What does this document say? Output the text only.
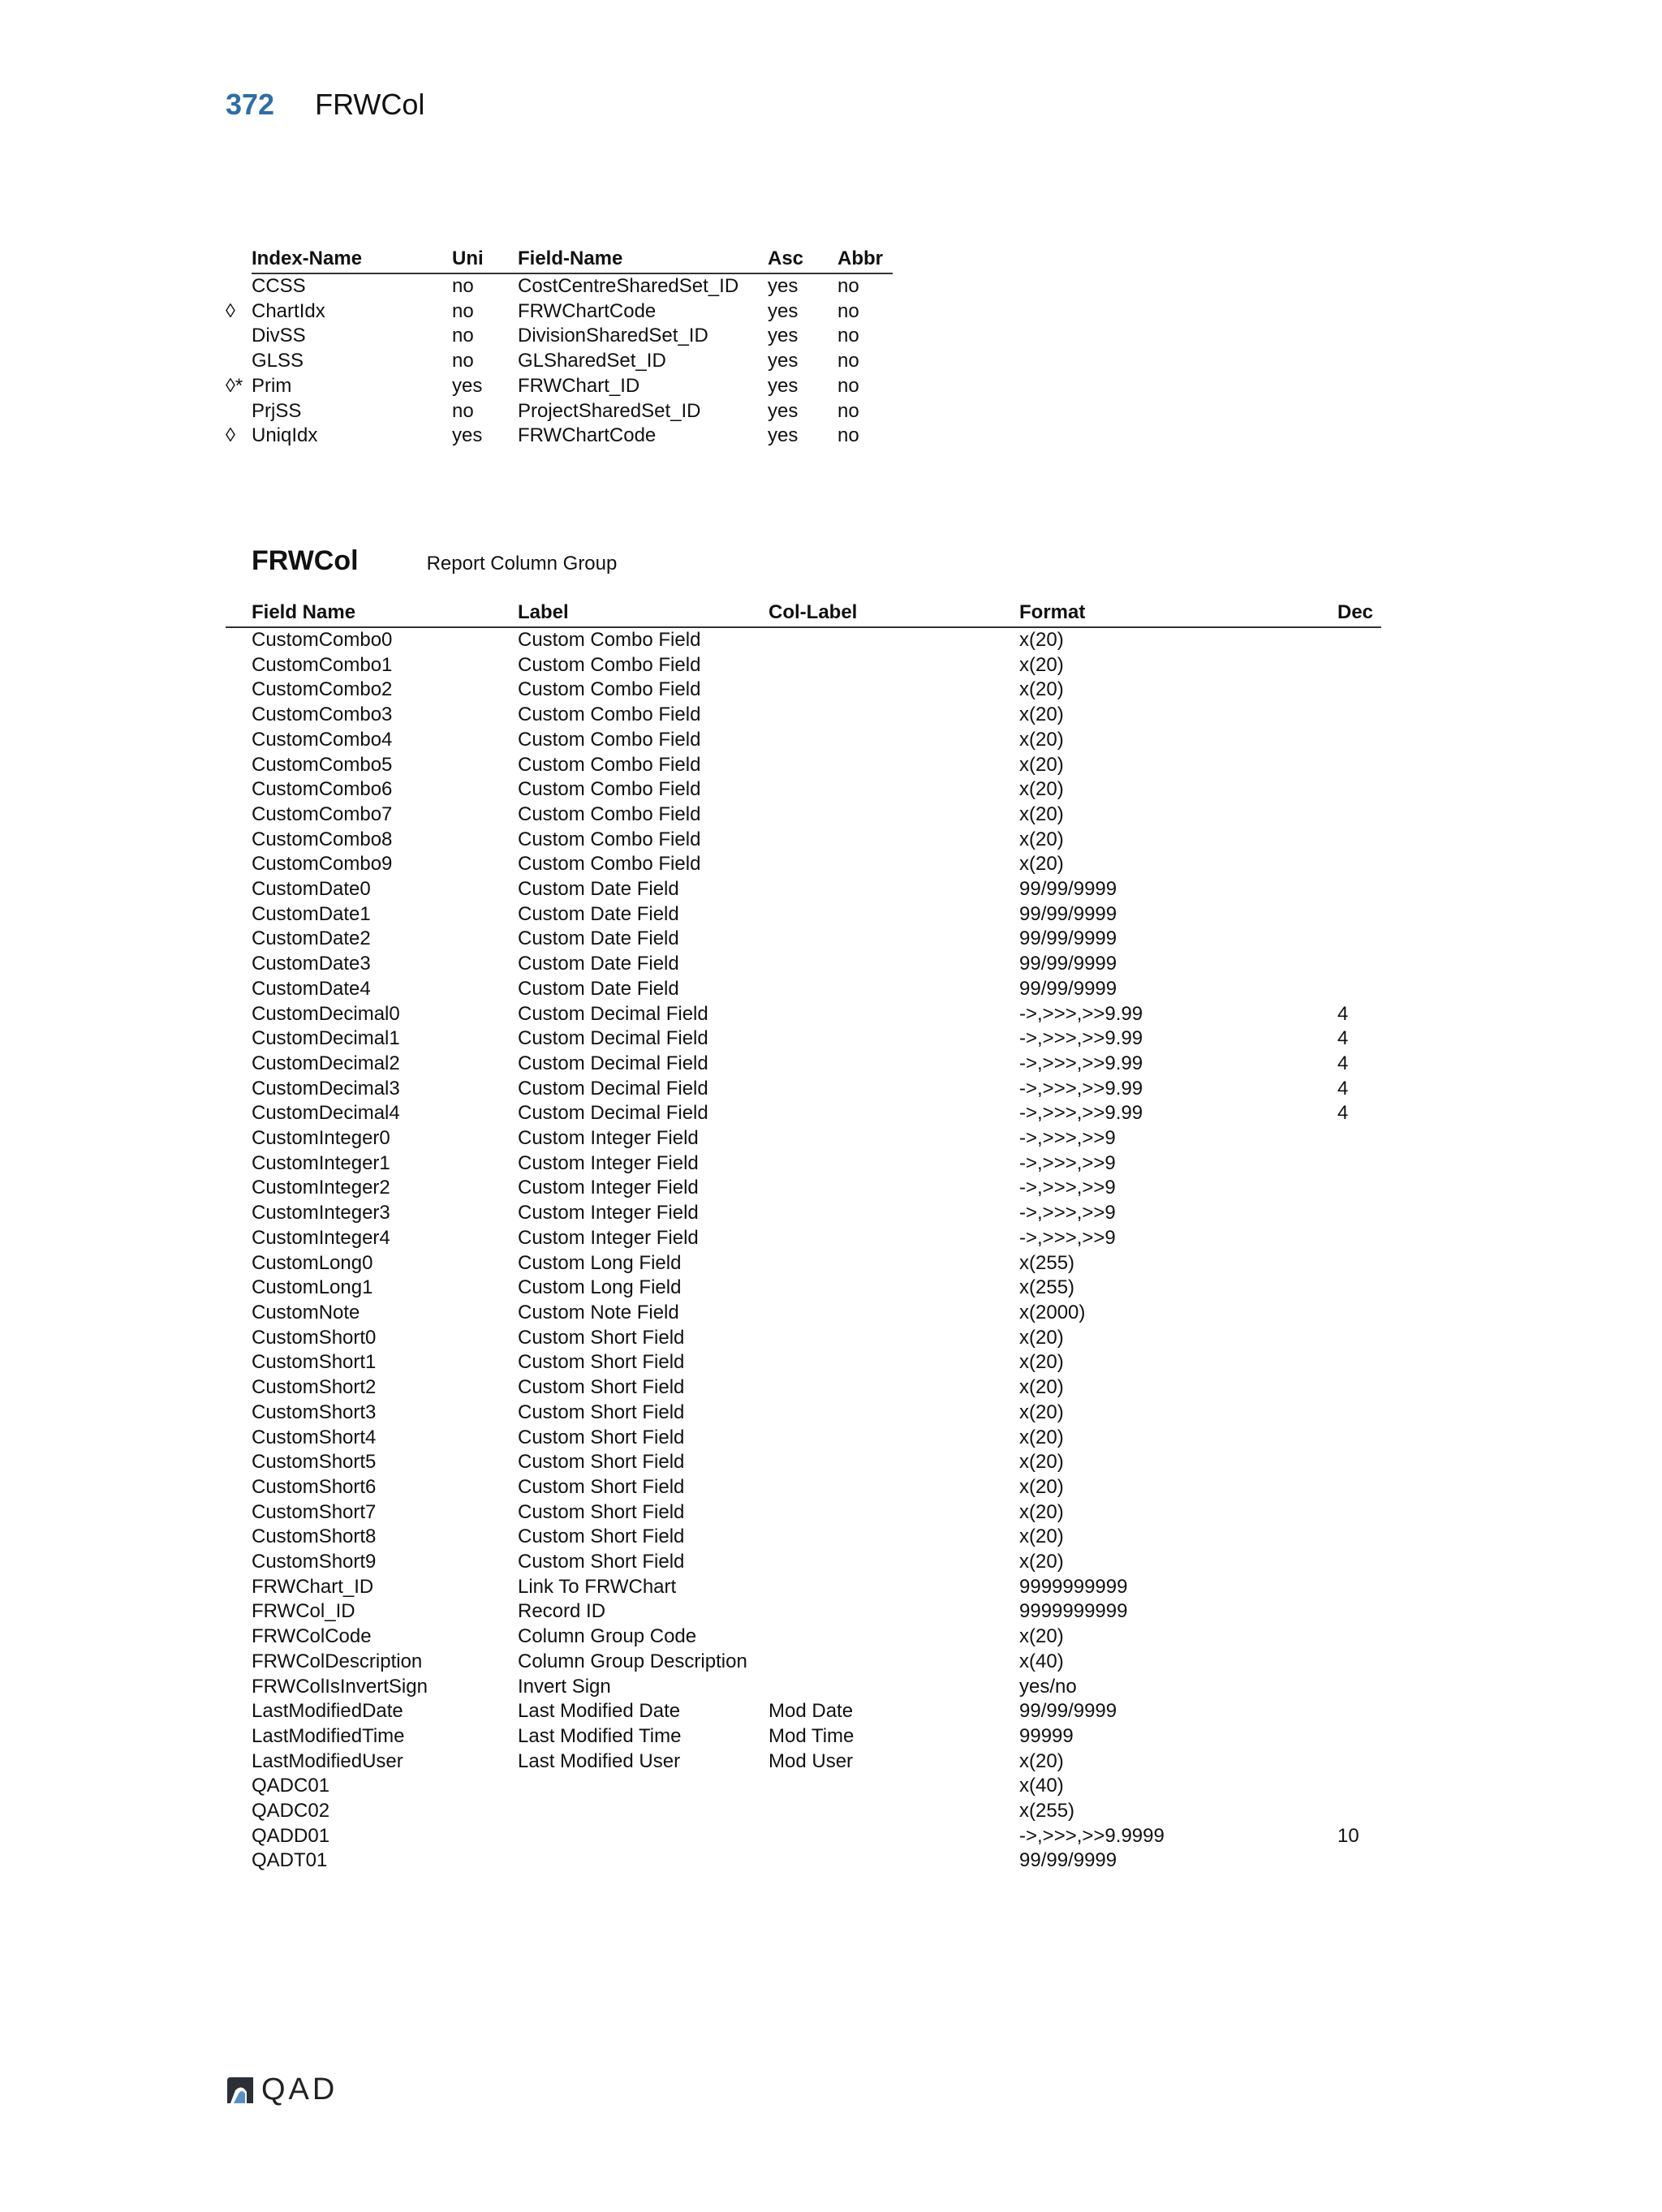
372 FRWCol
	Index-Name	Uni	Field-Name	Asc	Abbr
	CCSS	no	CostCentreSharedSet_ID	yes	no
◊	ChartIdx	no	FRWChartCode	yes	no
	DivSS	no	DivisionSharedSet_ID	yes	no
	GLSS	no	GLSharedSet_ID	yes	no
◊*	Prim	yes	FRWChart_ID	yes	no
	PrjSS	no	ProjectSharedSet_ID	yes	no
◊	UniqIdx	yes	FRWChartCode	yes	no
FRWCol	Report Column Group
	Field Name	Label	Col-Label	Format	Dec
	CustomCombo0	Custom Combo Field		x(20)	
	CustomCombo1	Custom Combo Field		x(20)	
	CustomCombo2	Custom Combo Field		x(20)	
	CustomCombo3	Custom Combo Field		x(20)	
	CustomCombo4	Custom Combo Field		x(20)	
	CustomCombo5	Custom Combo Field		x(20)	
	CustomCombo6	Custom Combo Field		x(20)	
	CustomCombo7	Custom Combo Field		x(20)	
	CustomCombo8	Custom Combo Field		x(20)	
	CustomCombo9	Custom Combo Field		x(20)	
	CustomDate0	Custom Date Field		99/99/9999	
	CustomDate1	Custom Date Field		99/99/9999	
	CustomDate2	Custom Date Field		99/99/9999	
	CustomDate3	Custom Date Field		99/99/9999	
	CustomDate4	Custom Date Field		99/99/9999	
	CustomDecimal0	Custom Decimal Field		->,>>>,>>9.99	4
	CustomDecimal1	Custom Decimal Field		->,>>>,>>9.99	4
	CustomDecimal2	Custom Decimal Field		->,>>>,>>9.99	4
	CustomDecimal3	Custom Decimal Field		->,>>>,>>9.99	4
	CustomDecimal4	Custom Decimal Field		->,>>>,>>9.99	4
	CustomInteger0	Custom Integer Field		->,>>>,>>9	
	CustomInteger1	Custom Integer Field		->,>>>,>>9	
	CustomInteger2	Custom Integer Field		->,>>>,>>9	
	CustomInteger3	Custom Integer Field		->,>>>,>>9	
	CustomInteger4	Custom Integer Field		->,>>>,>>9	
	CustomLong0	Custom Long Field		x(255)	
	CustomLong1	Custom Long Field		x(255)	
	CustomNote	Custom Note Field		x(2000)	
	CustomShort0	Custom Short Field		x(20)	
	CustomShort1	Custom Short Field		x(20)	
	CustomShort2	Custom Short Field		x(20)	
	CustomShort3	Custom Short Field		x(20)	
	CustomShort4	Custom Short Field		x(20)	
	CustomShort5	Custom Short Field		x(20)	
	CustomShort6	Custom Short Field		x(20)	
	CustomShort7	Custom Short Field		x(20)	
	CustomShort8	Custom Short Field		x(20)	
	CustomShort9	Custom Short Field		x(20)	
	FRWChart_ID	Link To FRWChart		9999999999	
	FRWCol_ID	Record ID		9999999999	
	FRWColCode	Column Group Code		x(20)	
	FRWColDescription	Column Group Description		x(40)	
	FRWColIsInvertSign	Invert Sign		yes/no	
	LastModifiedDate	Last Modified Date	Mod Date	99/99/9999	
	LastModifiedTime	Last Modified Time	Mod Time	99999	
	LastModifiedUser	Last Modified User	Mod User	x(20)	
	QADC01			x(40)	
	QADC02			x(255)	
	QADD01			->,>>>,>>9.9999	10
	QADT01			99/99/9999	
QAD
